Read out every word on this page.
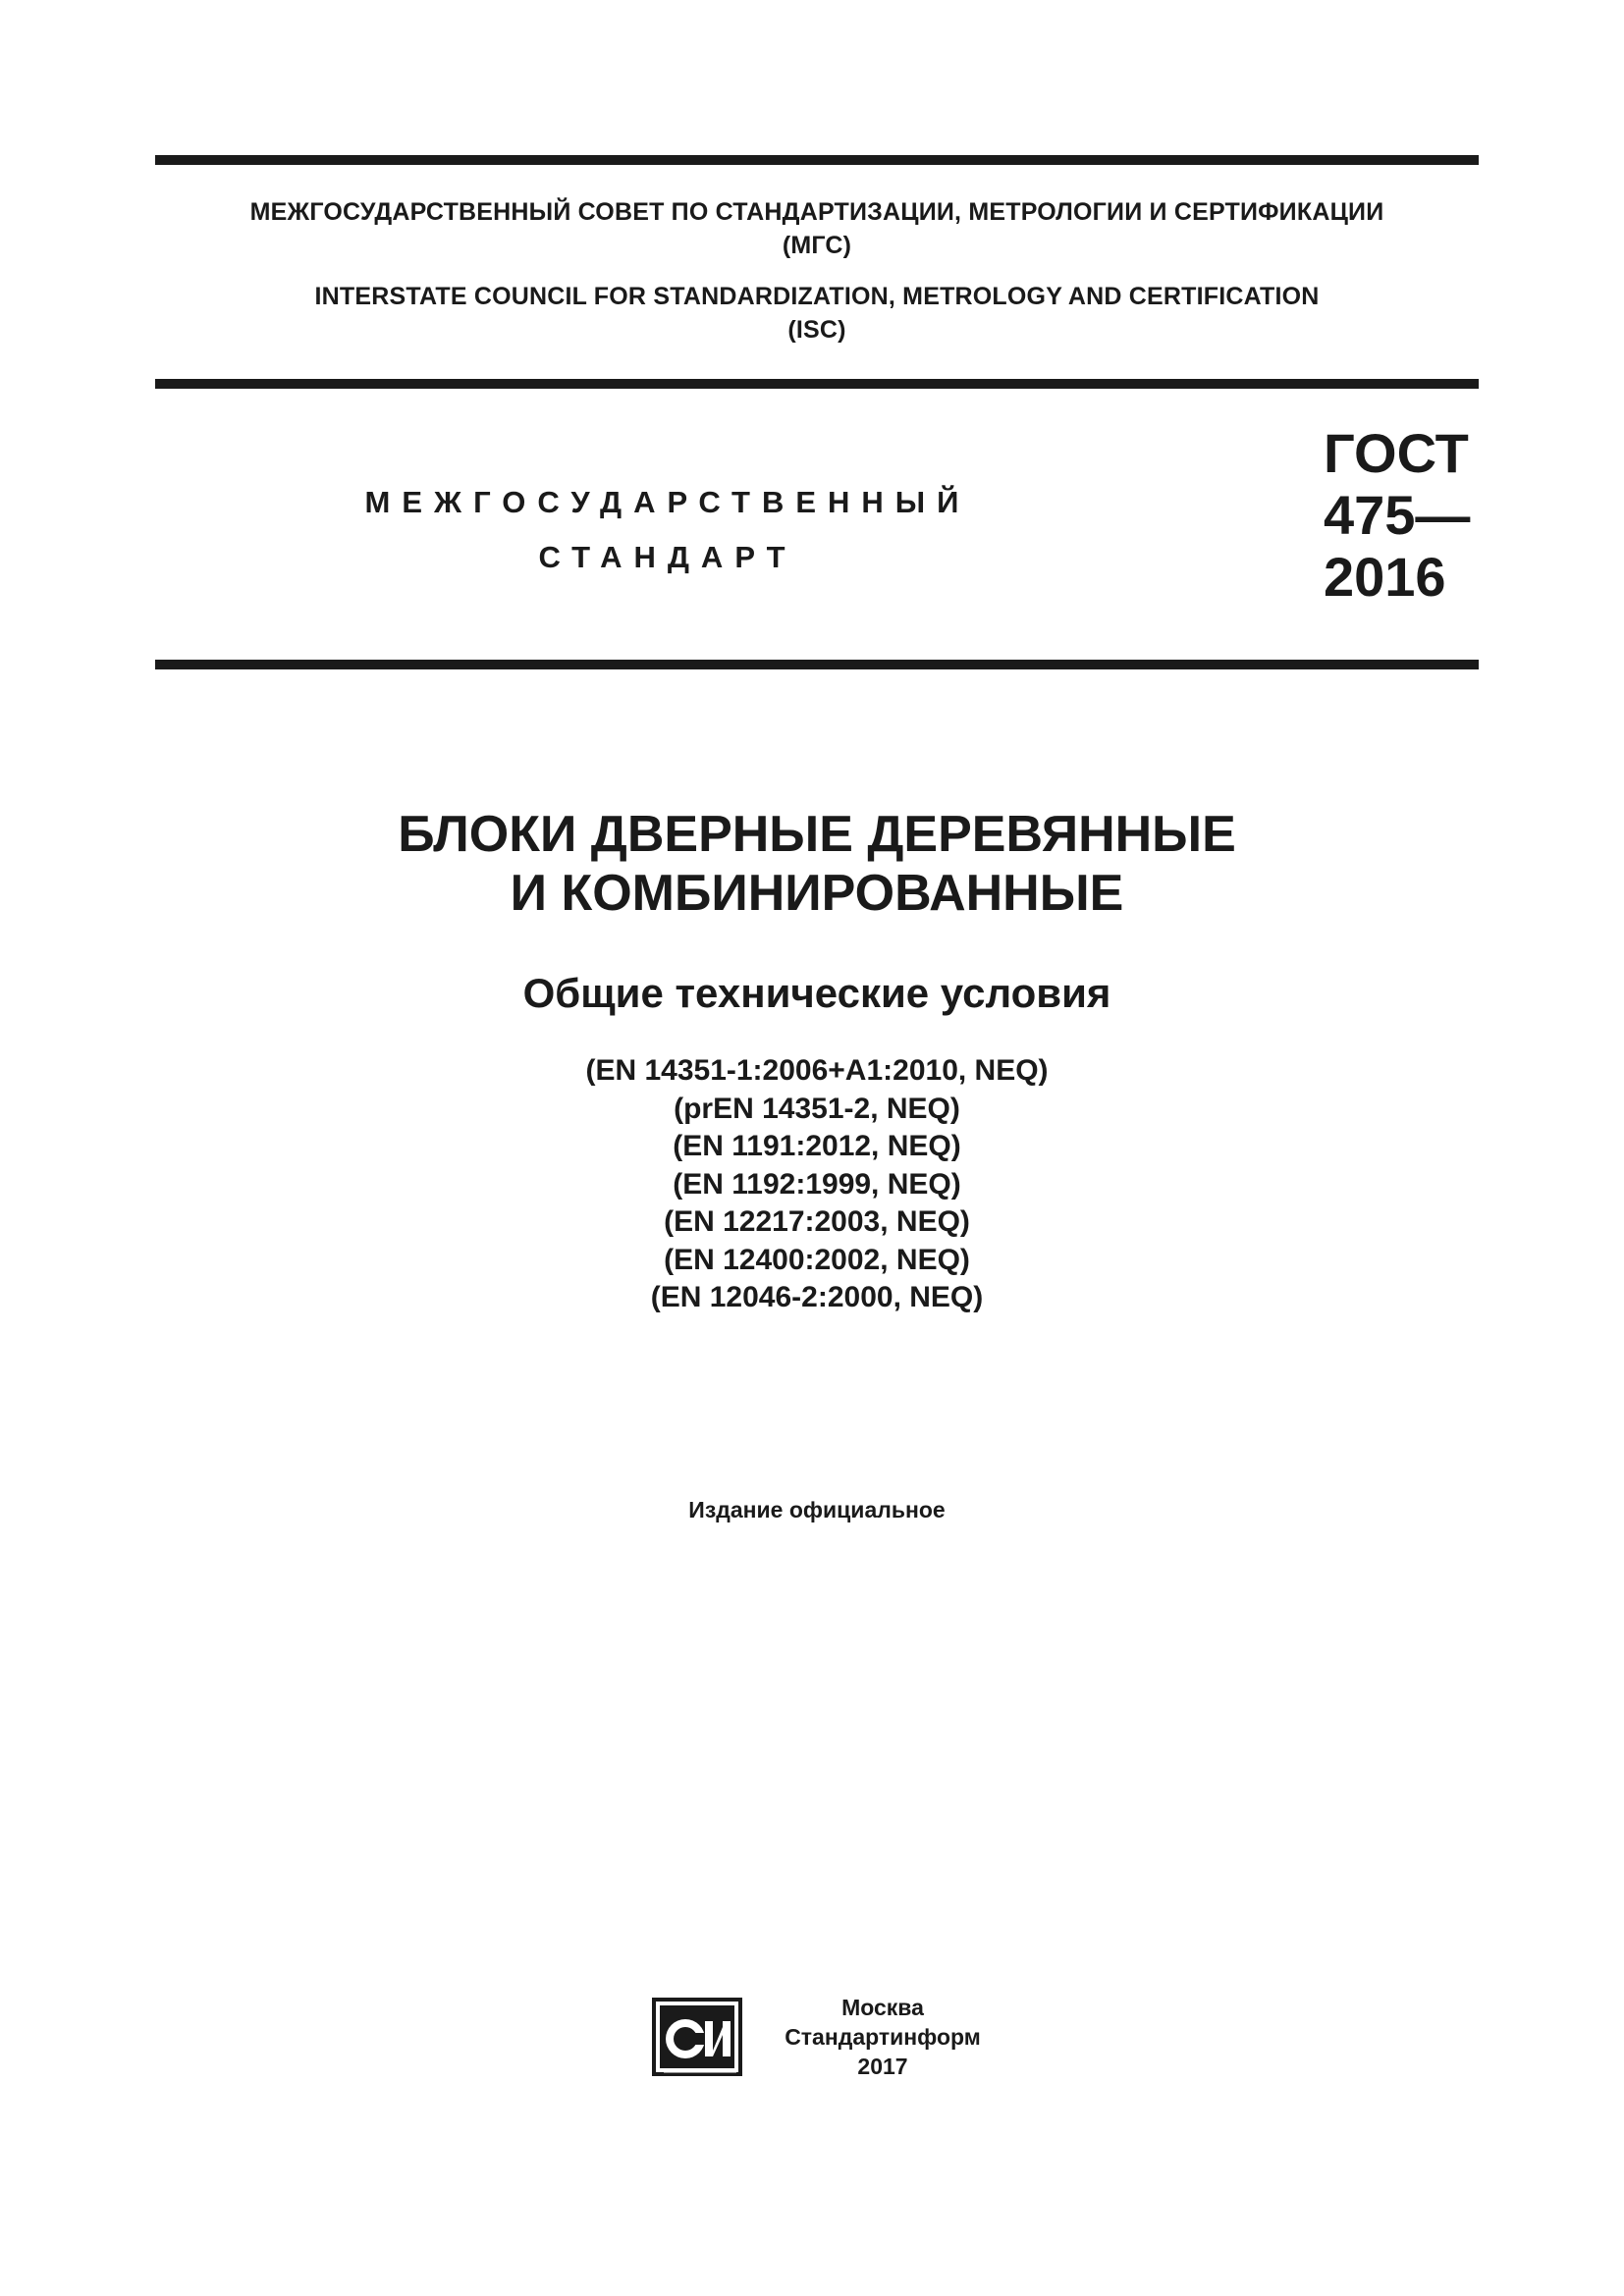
МЕЖГОСУДАРСТВЕННЫЙ СОВЕТ ПО СТАНДАРТИЗАЦИИ, МЕТРОЛОГИИ И СЕРТИФИКАЦИИ
(МГС)
INTERSTATE COUNCIL FOR STANDARDIZATION, METROLOGY AND CERTIFICATION
(ISC)
МЕЖГОСУДАРСТВЕННЫЙ
СТАНДАРТ
ГОСТ
475—
2016
БЛОКИ ДВЕРНЫЕ ДЕРЕВЯННЫЕ
И КОМБИНИРОВАННЫЕ
Общие технические условия
(EN 14351-1:2006+A1:2010, NEQ)
(prEN 14351-2, NEQ)
(EN 1191:2012, NEQ)
(EN 1192:1999, NEQ)
(EN 12217:2003, NEQ)
(EN 12400:2002, NEQ)
(EN 12046-2:2000, NEQ)
Издание официальное
Москва
Стандартинформ
2017
